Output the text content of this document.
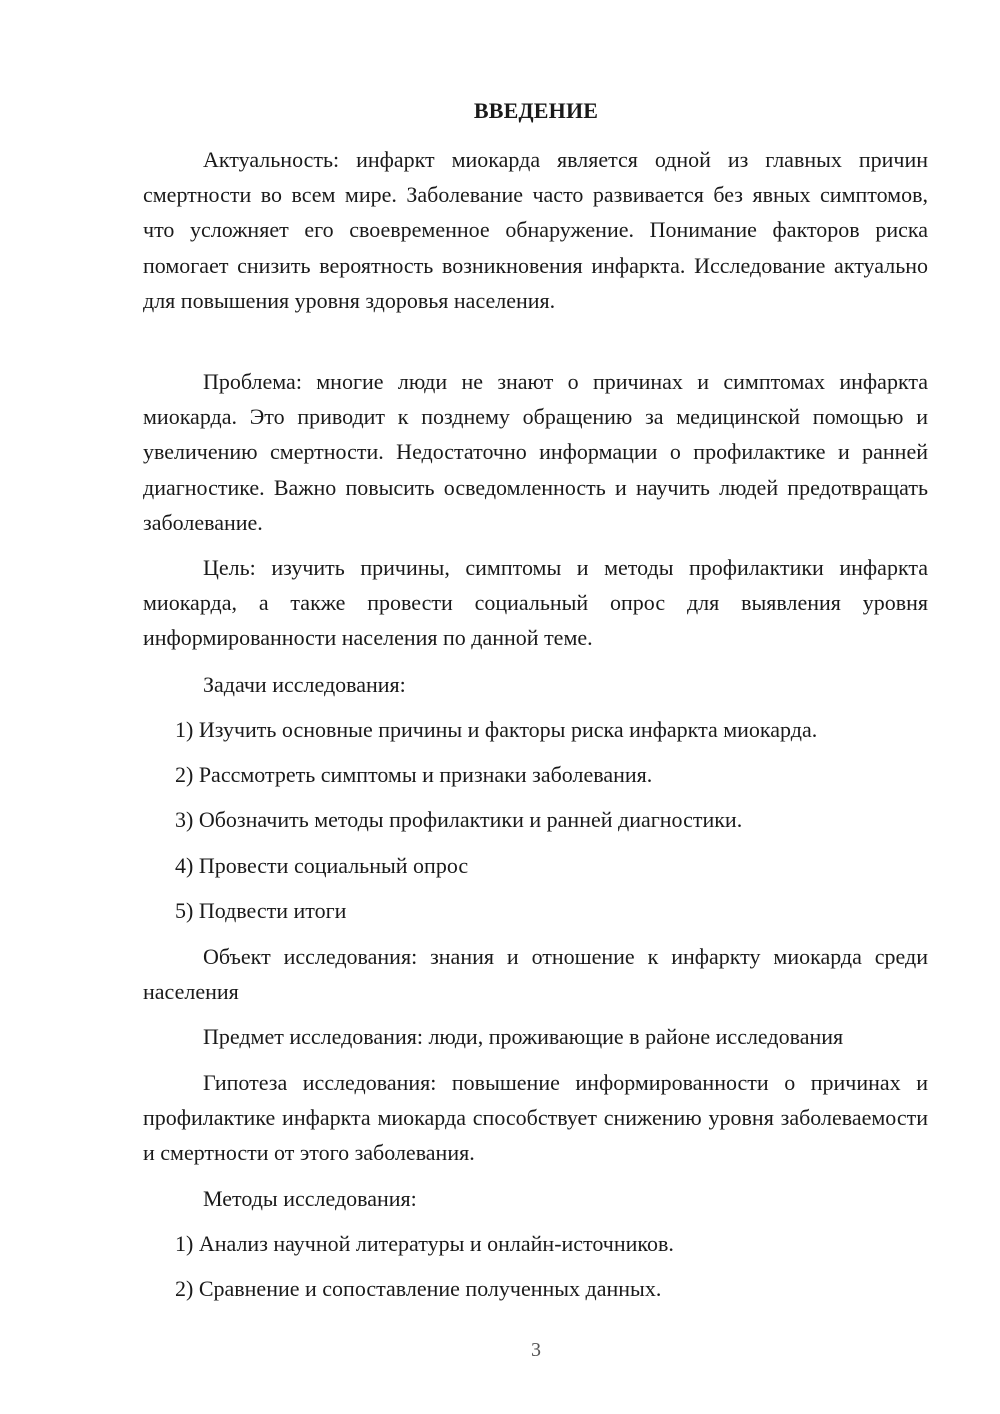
ВВЕДЕНИЕ

Актуальность: инфаркт миокарда является одной из главных причин смертности во всем мире. Заболевание часто развивается без явных симптомов, что усложняет его своевременное обнаружение. Понимание факторов риска помогает снизить вероятность возникновения инфаркта. Исследование актуально для повышения уровня здоровья населения.

Проблема: многие люди не знают о причинах и симптомах инфаркта миокарда. Это приводит к позднему обращению за медицинской помощью и увеличению смертности. Недостаточно информации о профилактике и ранней диагностике. Важно повысить осведомленность и научить людей предотвращать заболевание.

Цель: изучить причины, симптомы и методы профилактики инфаркта миокарда, а также провести социальный опрос для выявления уровня информированности населения по данной теме.

Задачи исследования:

1) Изучить основные причины и факторы риска инфаркта миокарда.

2) Рассмотреть симптомы и признаки заболевания.

3) Обозначить методы профилактики и ранней диагностики.

4) Провести социальный опрос

5) Подвести итоги

Объект исследования: знания и отношение к инфаркту миокарда среди населения

Предмет исследования: люди, проживающие в районе исследования

Гипотеза исследования: повышение информированности о причинах и профилактике инфаркта миокарда способствует снижению уровня заболеваемости и смертности от этого заболевания.

Методы исследования:

1) Анализ научной литературы и онлайн-источников.

2) Сравнение и сопоставление полученных данных.

3
